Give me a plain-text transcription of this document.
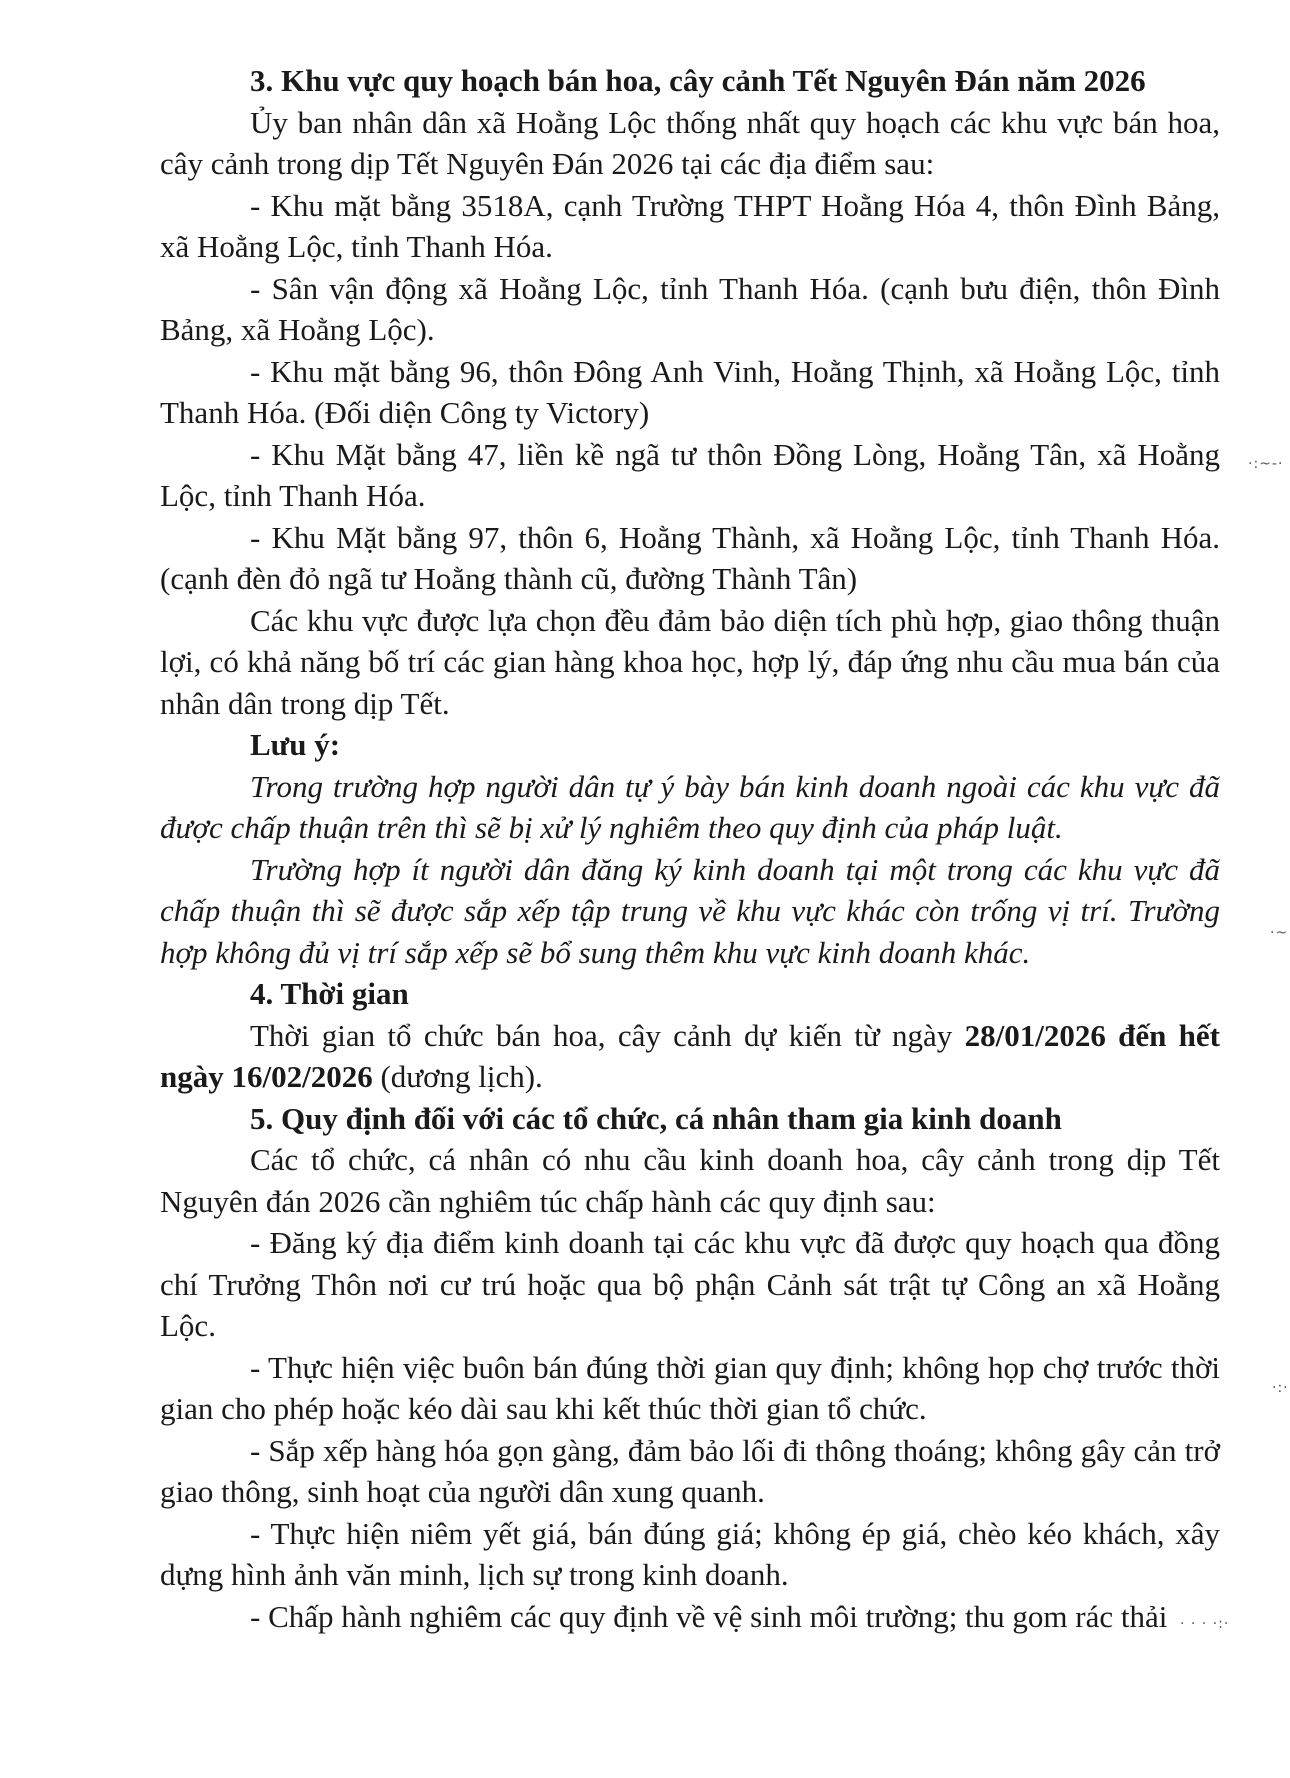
3. Khu vực quy hoạch bán hoa, cây cảnh Tết Nguyên Đán năm 2026

Ủy ban nhân dân xã Hoằng Lộc thống nhất quy hoạch các khu vực bán hoa, cây cảnh trong dịp Tết Nguyên Đán 2026 tại các địa điểm sau:

- Khu mặt bằng 3518A, cạnh Trường THPT Hoằng Hóa 4, thôn Đình Bảng, xã Hoằng Lộc, tỉnh Thanh Hóa.

- Sân vận động xã Hoằng Lộc, tỉnh Thanh Hóa. (cạnh bưu điện, thôn Đình Bảng, xã Hoằng Lộc).

- Khu mặt bằng 96, thôn Đông Anh Vinh, Hoằng Thịnh, xã Hoằng Lộc, tỉnh Thanh Hóa. (Đối diện Công ty Victory)

- Khu Mặt bằng 47, liền kề ngã tư thôn Đồng Lòng, Hoằng Tân, xã Hoằng Lộc, tỉnh Thanh Hóa.

- Khu Mặt bằng 97, thôn 6, Hoằng Thành, xã Hoằng Lộc, tỉnh Thanh Hóa. (cạnh đèn đỏ ngã tư Hoằng thành cũ, đường Thành Tân)

Các khu vực được lựa chọn đều đảm bảo diện tích phù hợp, giao thông thuận lợi, có khả năng bố trí các gian hàng khoa học, hợp lý, đáp ứng nhu cầu mua bán của nhân dân trong dịp Tết.

Lưu ý:

Trong trường hợp người dân tự ý bày bán kinh doanh ngoài các khu vực đã được chấp thuận trên thì sẽ bị xử lý nghiêm theo quy định của pháp luật.

Trường hợp ít người dân đăng ký kinh doanh tại một trong các khu vực đã chấp thuận thì sẽ được sắp xếp tập trung về khu vực khác còn trống vị trí. Trường hợp không đủ vị trí sắp xếp sẽ bổ sung thêm khu vực kinh doanh khác.

4. Thời gian

Thời gian tổ chức bán hoa, cây cảnh dự kiến từ ngày 28/01/2026 đến hết ngày 16/02/2026 (dương lịch).

5. Quy định đối với các tổ chức, cá nhân tham gia kinh doanh

Các tổ chức, cá nhân có nhu cầu kinh doanh hoa, cây cảnh trong dịp Tết Nguyên đán 2026 cần nghiêm túc chấp hành các quy định sau:

- Đăng ký địa điểm kinh doanh tại các khu vực đã được quy hoạch qua đồng chí Trưởng Thôn nơi cư trú hoặc qua bộ phận Cảnh sát trật tự Công an xã Hoằng Lộc.

- Thực hiện việc buôn bán đúng thời gian quy định; không họp chợ trước thời gian cho phép hoặc kéo dài sau khi kết thúc thời gian tổ chức.

- Sắp xếp hàng hóa gọn gàng, đảm bảo lối đi thông thoáng; không gây cản trở giao thông, sinh hoạt của người dân xung quanh.

- Thực hiện niêm yết giá, bán đúng giá; không ép giá, chèo kéo khách, xây dựng hình ảnh văn minh, lịch sự trong kinh doanh.

- Chấp hành nghiêm các quy định về vệ sinh môi trường; thu gom rác thải

·:~-·
·~
·:·
· · · ·:·
